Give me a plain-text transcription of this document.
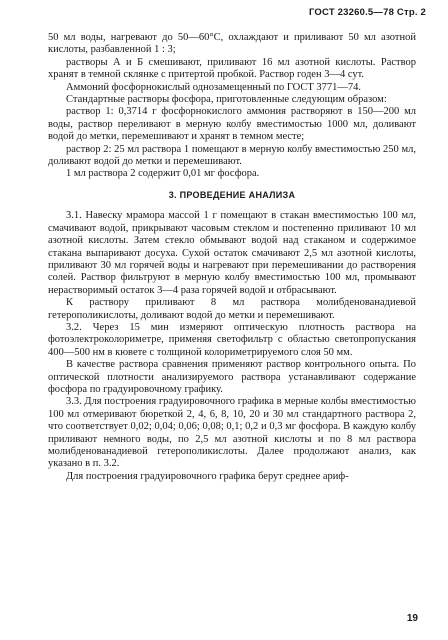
ГОСТ 23260.5—78 Стр. 2

50 мл воды, нагревают до 50—60°С, охлаждают и приливают 50 мл азотной кислоты, разбавленной 1 : 3;

растворы А и Б смешивают, приливают 16 мл азотной кислоты. Раствор хранят в темной склянке с притертой пробкой. Раствор годен 3—4 сут.

Аммоний фосфорнокислый однозамещенный по ГОСТ 3771—74.

Стандартные растворы фосфора, приготовленные следующим образом:

раствор 1: 0,3714 г фосфорнокислого аммония растворяют в 150—200 мл воды, раствор переливают в мерную колбу вместимостью 1000 мл, доливают водой до метки, перемешивают и хранят в темном месте;

раствор 2: 25 мл раствора 1 помещают в мерную колбу вместимостью 250 мл, доливают водой до метки и перемешивают.

1 мл раствора 2 содержит 0,01 мг фосфора.

3. ПРОВЕДЕНИЕ АНАЛИЗА

3.1. Навеску мрамора массой 1 г помещают в стакан вместимостью 100 мл, смачивают водой, прикрывают часовым стеклом и постепенно приливают 10 мл азотной кислоты. Затем стекло обмывают водой над стаканом и содержимое стакана выпаривают досуха. Сухой остаток смачивают 2,5 мл азотной кислоты, приливают 30 мл горячей воды и нагревают при перемешивании до растворения солей. Раствор фильтруют в мерную колбу вместимостью 100 мл, промывают нерастворимый остаток 3—4 раза горячей водой и отбрасывают.

К раствору приливают 8 мл раствора молибденованадиевой гетерополикислоты, доливают водой до метки и перемешивают.

3.2. Через 15 мин измеряют оптическую плотность раствора на фотоэлектроколориметре, применяя светофильтр с областью светопропускания 400—500 нм в кювете с толщиной колориметрируемого слоя 50 мм.

В качестве раствора сравнения применяют раствор контрольного опыта. По оптической плотности анализируемого раствора устанавливают содержание фосфора по градуировочному графику.

3.3. Для построения градуировочного графика в мерные колбы вместимостью 100 мл отмеривают бюреткой 2, 4, 6, 8, 10, 20 и 30 мл стандартного раствора 2, что соответствует 0,02; 0,04; 0,06; 0,08; 0,1; 0,2 и 0,3 мг фосфора. В каждую колбу приливают немного воды, по 2,5 мл азотной кислоты и по 8 мл раствора молибденованадиевой гетерополикислоты. Далее продолжают анализ, как указано в п. 3.2.

Для построения градуировочного графика берут среднее ариф-

19
